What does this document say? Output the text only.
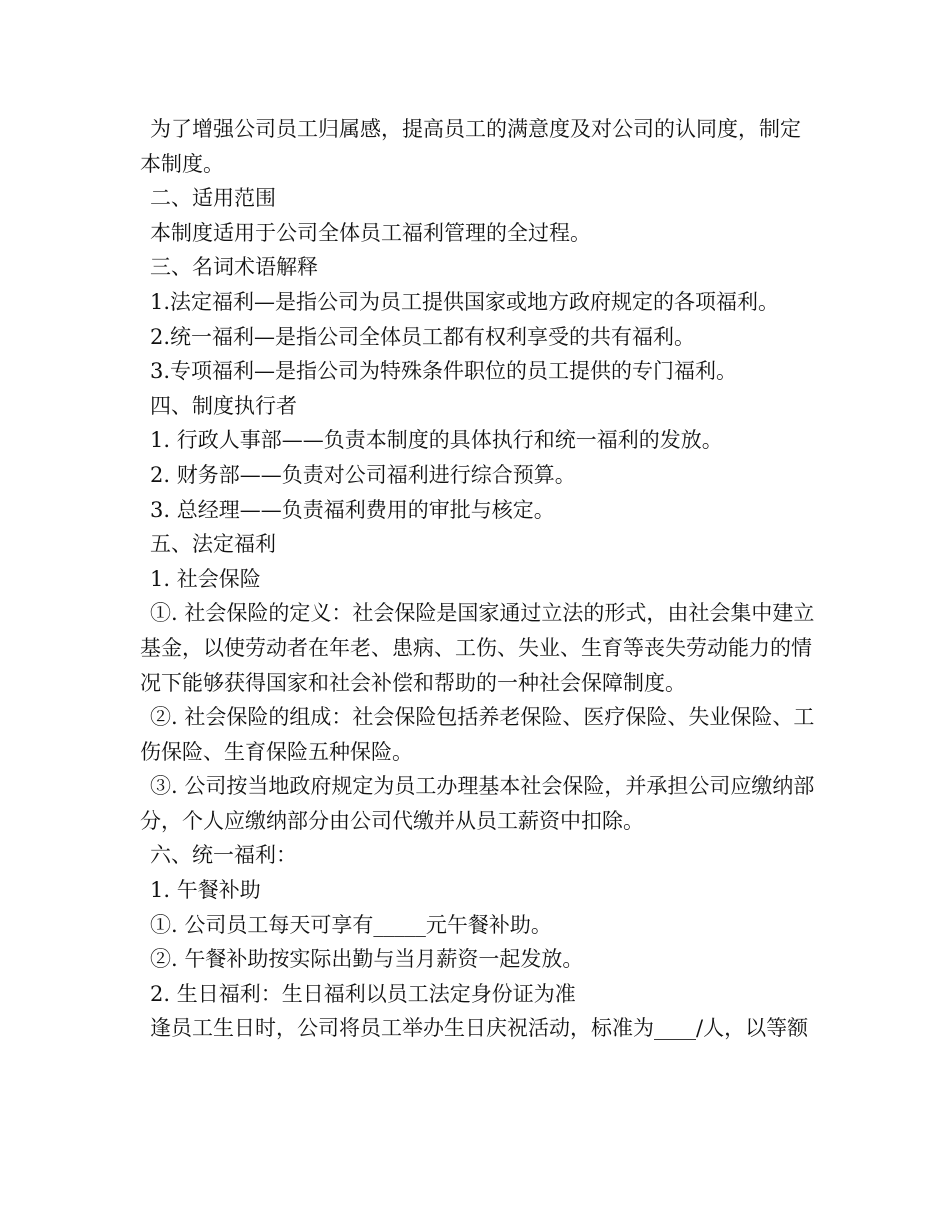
为了增强公司员工归属感，提高员工的满意度及对公司的认同度，制定本制度。

二、适用范围

本制度适用于公司全体员工福利管理的全过程。

三、名词术语解释

1.法定福利—是指公司为员工提供国家或地方政府规定的各项福利。

2.统一福利—是指公司全体员工都有权利享受的共有福利。

3.专项福利—是指公司为特殊条件职位的员工提供的专门福利。

四、制度执行者

1. 行政人事部——负责本制度的具体执行和统一福利的发放。

2. 财务部——负责对公司福利进行综合预算。

3. 总经理——负责福利费用的审批与核定。

五、法定福利

1. 社会保险

①. 社会保险的定义：社会保险是国家通过立法的形式，由社会集中建立基金，以使劳动者在年老、患病、工伤、失业、生育等丧失劳动能力的情况下能够获得国家和社会补偿和帮助的一种社会保障制度。

②. 社会保险的组成：社会保险包括养老保险、医疗保险、失业保险、工伤保险、生育保险五种保险。

③. 公司按当地政府规定为员工办理基本社会保险，并承担公司应缴纳部分，个人应缴纳部分由公司代缴并从员工薪资中扣除。

六、统一福利：

1. 午餐补助

①. 公司员工每天可享有_____元午餐补助。

②. 午餐补助按实际出勤与当月薪资一起发放。

2. 生日福利：生日福利以员工法定身份证为准

逢员工生日时，公司将员工举办生日庆祝活动，标准为____/人，以等额
